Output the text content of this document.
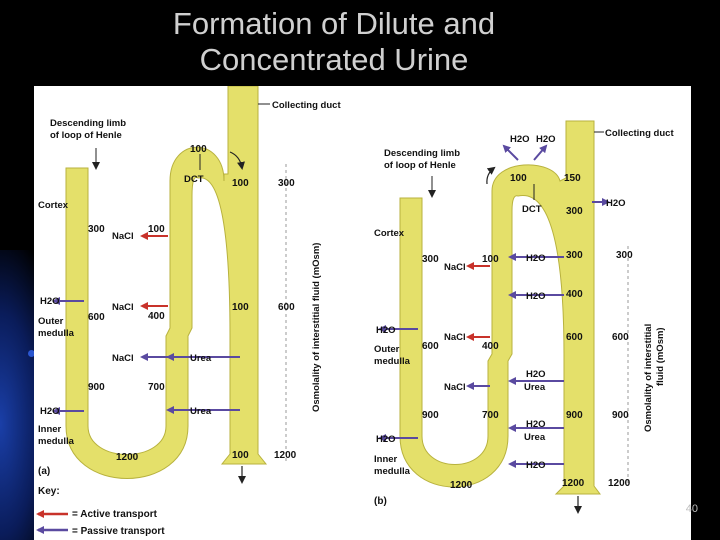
Formation of Dilute and
Concentrated Urine
Descending limb
of loop of Henle
Collecting duct
DCT
Cortex
H2O
Outer
medulla
H2O
Inner
medulla
NaCl
NaCl
NaCl	Urea
Urea
100
300	100
100
600	400
100
900	700
1200	100
300
600
1200
Osmolality of interstitial fluid (mOsm)
(a)
Key:
= Active transport
= Passive transport
Descending limb
of loop of Henle
Collecting duct
H2O H2O
DCT
H2O
Cortex
H2O
Outer
medulla
H2O
Inner
medulla
NaCl
NaCl
NaCl
H2O
H2O
H2O
Urea
H2O
Urea
H2O
100	150
300
300	100	300
400
600	400
600
900	700	900
1200	1200
300
600
900
1200
Osmolality of interstitial fluid (mOsm)
(b)
40
